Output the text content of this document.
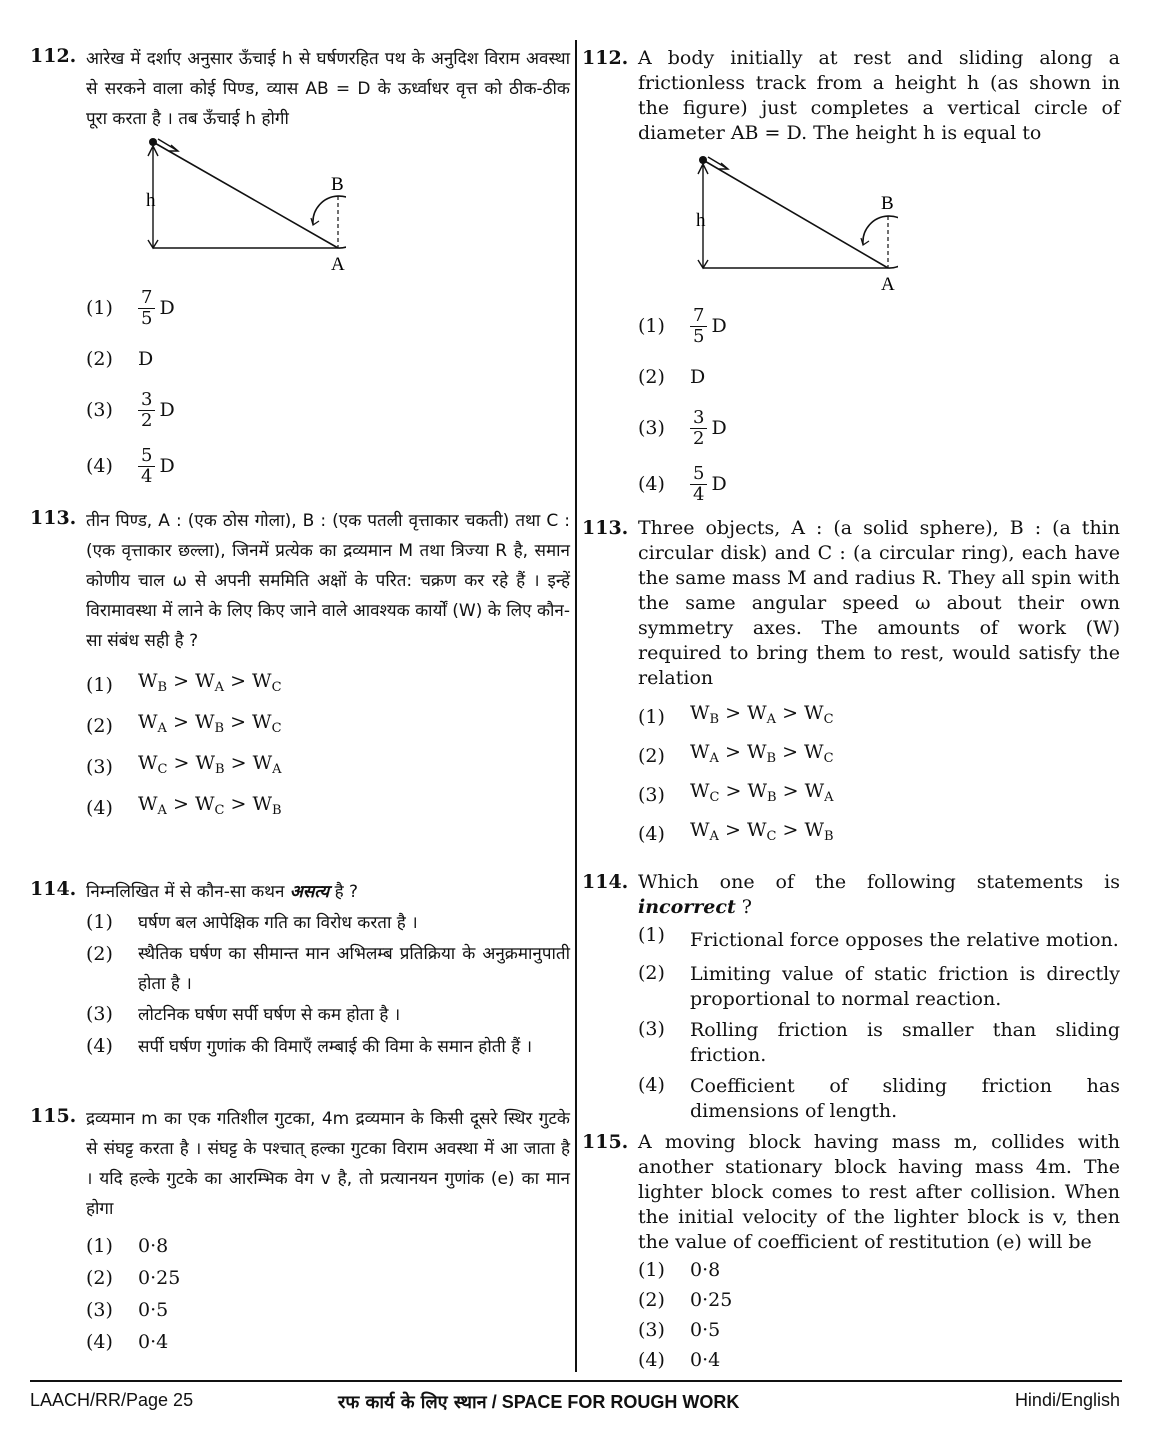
112. आरेख में दर्शाए अनुसार ऊँचाई h से घर्षणरहित पथ के अनुदिश विराम अवस्था से सरकने वाला कोई पिण्ड, व्यास AB = D के ऊर्ध्वाधर वृत्त को ठीक-ठीक पूरा करता है । तब ऊँचाई h होगी
h
B
A
(1)	$\frac{7}{5}$ D
(2)	D
(3)	$\frac{3}{2}$ D
(4)	$\frac{5}{4}$ D
113. तीन पिण्ड, A : (एक ठोस गोला), B : (एक पतली वृत्ताकार चकती) तथा C : (एक वृत्ताकार छल्ला), जिनमें प्रत्येक का द्रव्यमान M तथा त्रिज्या R है, समान कोणीय चाल ω से अपनी सममिति अक्षों के परित: चक्रण कर रहे हैं । इन्हें विरामावस्था में लाने के लिए किए जाने वाले आवश्यक कार्यों (W) के लिए कौन-सा संबंध सही है ?
(1)	$W_B > W_A > W_C$
(2)	$W_A > W_B > W_C$
(3)	$W_C > W_B > W_A$
(4)	$W_A > W_C > W_B$
114. निम्नलिखित में से कौन-सा कथन असत्य है ?
(1)	घर्षण बल आपेक्षिक गति का विरोध करता है ।
(2)	स्थैतिक घर्षण का सीमान्त मान अभिलम्ब प्रतिक्रिया के अनुक्रमानुपाती होता है ।
(3)	लोटनिक घर्षण सर्पी घर्षण से कम होता है ।
(4)	सर्पी घर्षण गुणांक की विमाएँ लम्बाई की विमा के समान होती हैं ।
115. द्रव्यमान m का एक गतिशील गुटका, 4m द्रव्यमान के किसी दूसरे स्थिर गुटके से संघट्ट करता है । संघट्ट के पश्चात् हल्का गुटका विराम अवस्था में आ जाता है । यदि हल्के गुटके का आरम्भिक वेग v है, तो प्रत्यानयन गुणांक (e) का मान होगा
(1)	0·8
(2)	0·25
(3)	0·5
(4)	0·4
112. A body initially at rest and sliding along a frictionless track from a height h (as shown in the figure) just completes a vertical circle of diameter AB = D. The height h is equal to
h
B
A
(1)	$\frac{7}{5}$ D
(2)	D
(3)	$\frac{3}{2}$ D
(4)	$\frac{5}{4}$ D
113. Three objects, A : (a solid sphere), B : (a thin circular disk) and C : (a circular ring), each have the same mass M and radius R. They all spin with the same angular speed ω about their own symmetry axes. The amounts of work (W) required to bring them to rest, would satisfy the relation
(1)	$W_B > W_A > W_C$
(2)	$W_A > W_B > W_C$
(3)	$W_C > W_B > W_A$
(4)	$W_A > W_C > W_B$
114. Which one of the following statements is incorrect ?
(1)	Frictional force opposes the relative motion.
(2)	Limiting value of static friction is directly proportional to normal reaction.
(3)	Rolling friction is smaller than sliding friction.
(4)	Coefficient of sliding friction has dimensions of length.
115. A moving block having mass m, collides with another stationary block having mass 4m. The lighter block comes to rest after collision. When the initial velocity of the lighter block is v, then the value of coefficient of restitution (e) will be
(1)	0·8
(2)	0·25
(3)	0·5
(4)	0·4
LAACH/RR/Page 25	रफ कार्य के लिए स्थान / SPACE FOR ROUGH WORK	Hindi/English
